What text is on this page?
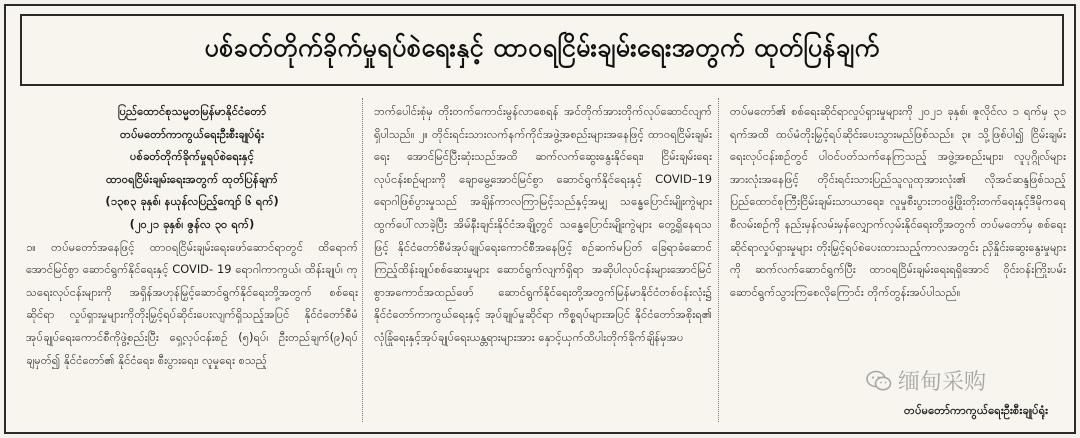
ပစ်ခတ်တိုက်ခိုက်မှုရပ်စဲရေးနှင့် ထာဝရငြိမ်းချမ်းရေးအတွက် ထုတ်ပြန်ချက်
ပြည်ထောင်စုသမ္မတမြန်မာနိုင်ငံတော်
တပ်မတော်ကာကွယ်ရေးဦးစီးချုပ်ရုံး
ပစ်ခတ်တိုက်ခိုက်မှုရပ်စဲရေးနှင့်
ထာဝရငြိမ်းချမ်းရေးအတွက် ထုတ်ပြန်ချက်
(၁၃၈၃ ခုနှစ်၊ နယုန်လပြည့်ကျော် ၆ ရက်)
(၂၀၂၁ ခုနှစ်၊ ဇွန်လ ၃၀ ရက်)

၁။ တပ်မတော်အနေဖြင့် ထာဝရငြိမ်းချမ်းရေးဖော်ဆောင်ရာတွင် ထိရောက်အောင်မြင်စွာ ဆောင်ရွက်နိုင်ရေးနှင့် COVID- 19 ရောဂါကာကွယ်၊ ထိန်းချုပ်၊ ကုသရေးလုပ်ငန်းများကို အရှိန်အဟုန်မြှင့်ဆောင်ရွက်နိုင်ရေးတို့အတွက် စစ်ရေးဆိုင်ရာ လှုပ်ရှားမှုများကိုတိုးမြှင့်ရပ်ဆိုင်းပေးလျက်ရှိသည့်အပြင် နိုင်ငံတော်စီမံအုပ်ချုပ်ရေးကောင်စီကိုဖွဲ့စည်းပြီး ရှေ့လုပ်ငန်းစဉ် (၅)ရပ်၊ ဦးတည်ချက်(၉)ရပ်ချမှတ်၍ နိုင်ငံတော်၏ နိုင်ငံရေး၊ စီးပွားရေး၊ လူမှုရေး စသည့်

ဘက်ပေါင်းစုံမှ တိုးတက်ကောင်းမွန်လာစေရန် အင်တိုက်အားတိုက်လုပ်ဆောင်လျက်ရှိပါသည်။ ၂။ တိုင်းရင်းသားလက်နက်ကိုင်အဖွဲ့အစည်းများအနေဖြင့် ထာဝရငြိမ်းချမ်းရေး အောင်မြင်ပြီးဆုံးသည်အထိ ဆက်လက်ဆွေးနွေးနိုင်ရေး၊ ငြိမ်းချမ်းရေးလုပ်ငန်းစဉ်များကို ချောမွေ့အောင်မြင်စွာ ဆောင်ရွက်နိုင်ရေးနှင့် COVID–19 ရောဂါဖြစ်ပွားမှုသည် အချိန်ကာလကြာမြင့်သည်နှင့်အမျှ သန္ဓေပြောင်းမျိုးကွဲများ ထွက်ပေါ်လာခဲ့ပြီး အိမ်နီးချင်းနိုင်ငံအချို့တွင် သန္ဓေပြောင်းမျိုးကွဲများ တွေ့ရှိနေရသဖြင့် နိုင်ငံတော်စီမံအုပ်ချုပ်ရေးကောင်စီအနေဖြင့် စဉ်ဆက်မပြတ် ခြေရာခံဆောင်ကြည့်ထိန်းချုပ်စစ်ဆေးမှုများ ဆောင်ရွက်လျက်ရှိရာ အဆိုပါလုပ်ငန်းများအောင်မြင်စွာအကောင်အထည်ဖော် ဆောင်ရွက်နိုင်ရေးတို့အတွက်မြန်မာနိုင်ငံတစ်ဝန်းလုံး၌ နိုင်ငံတော်ကာကွယ်ရေးနှင့် အုပ်ချုပ်မှုဆိုင်ရာ ကိစ္စရပ်များအပြင် နိုင်ငံတော်အစိုးရ၏ လုံခြုံရေးနှင့်အုပ်ချုပ်ရေးယန္တရားများအား နှောင့်ယှက်ထိပါးတိုက်ခိုက်ချိန်မှအပ

တပ်မတော်၏ စစ်ရေးဆိုင်ရာလှုပ်ရှားမှုများကို ၂၀၂၁ ခုနှစ်၊ ဇူလိုင်လ ၁ ရက်မှ ၃၁ ရက်အထိ ထပ်မံတိုးမြှင့်ရပ်ဆိုင်းပေးသွားမည်ဖြစ်သည်။ ၃။ သို့ဖြစ်ပါ၍ ငြိမ်းချမ်းရေးလုပ်ငန်းစဉ်တွင် ပါဝင်ပတ်သက်နေကြသည့် အဖွဲ့အစည်းများ၊ လူပုဂ္ဂိုလ်များအားလုံးအနေဖြင့် တိုင်းရင်းသားပြည်သူလူထုအားလုံး၏ လိုအင်ဆန္ဒဖြစ်သည့် ပြည်ထောင်စုကြီးငြိမ်းချမ်းသာယာရေး၊ လူမှုစီးပွားဘဝဖွံ့ဖြိုးတိုးတက်ရေးနှင့်ဒီမိုကရေစီလမ်းစဉ်ကို နည်းမှန်လမ်းမှန်လျှောက်လှမ်းနိုင်ရေးတို့အတွက် တပ်မတော်မှ စစ်ရေးဆိုင်ရာလှုပ်ရှားမှုများ တိုးမြှင့်ရပ်စဲပေးထားသည့်ကာလအတွင်း ညှိနှိုင်းဆွေးနွေးမှုများကို ဆက်လက်ဆောင်ရွက်ပြီး ထာဝရငြိမ်းချမ်းရေးရရှိအောင် ဝိုင်းဝန်းကြိုးပမ်းဆောင်ရွက်သွားကြစေလိုကြောင်း တိုက်တွန်းအပ်ပါသည်။

缅甸采购
တပ်မတော်ကာကွယ်ရေးဦးစီးချုပ်ရုံး
